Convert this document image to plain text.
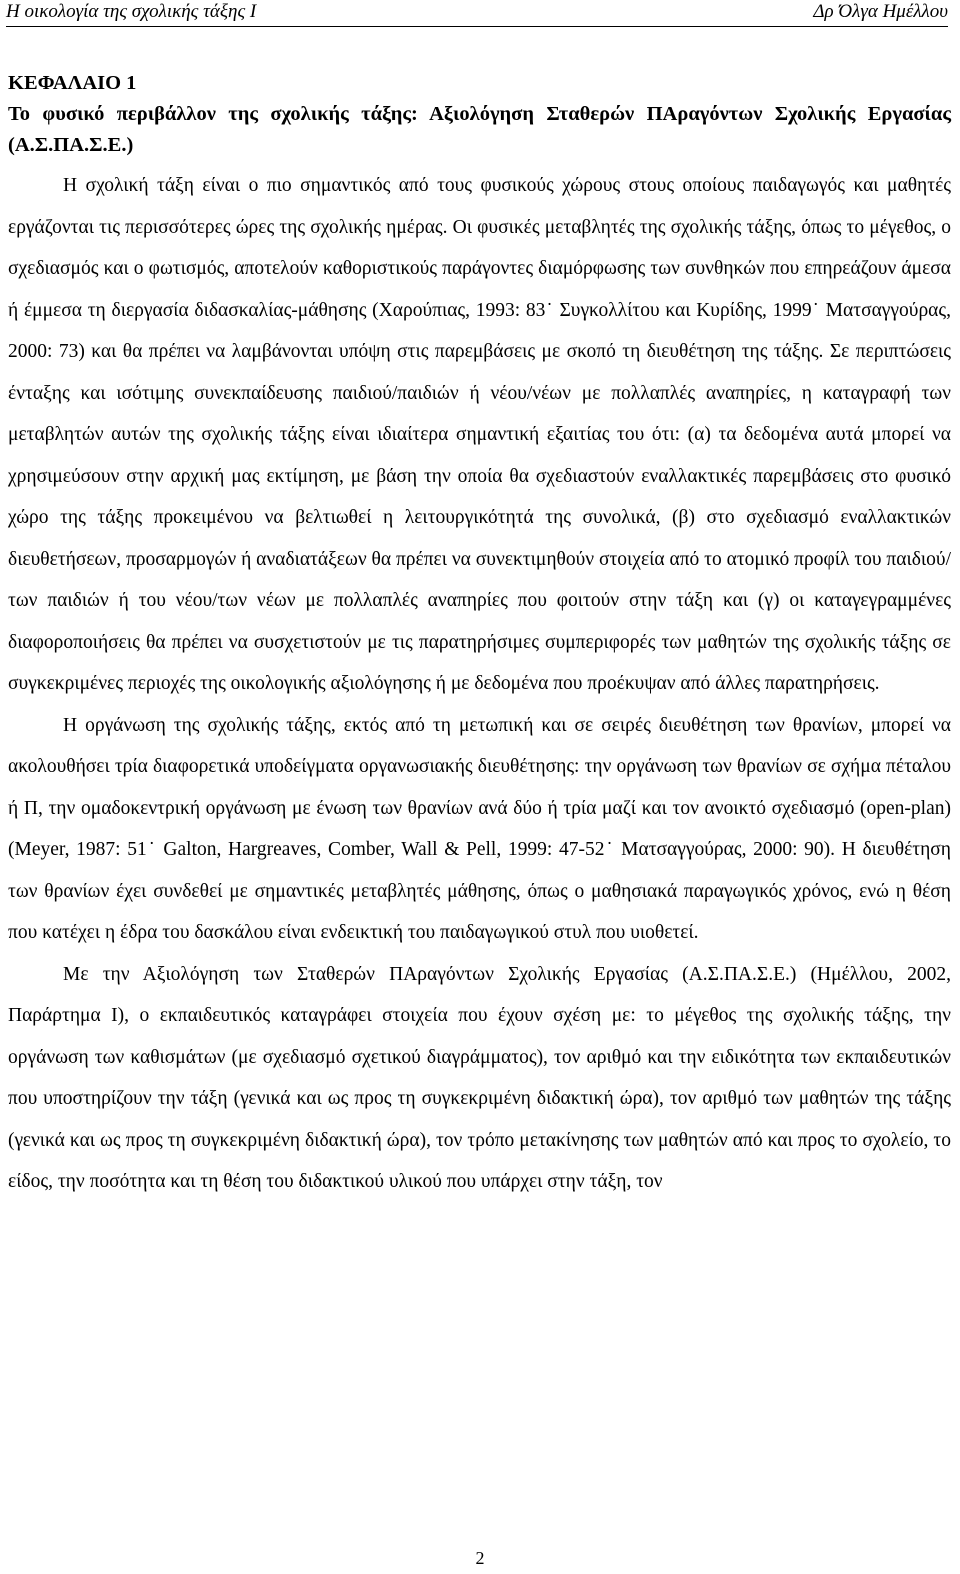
Η οικολογία της σχολικής τάξης Ι	Δρ Όλγα Ημέλλου

ΚΕΦΑΛΑΙΟ 1

Το φυσικό περιβάλλον της σχολικής τάξης: Αξιολόγηση Σταθερών ΠΑραγόντων Σχολικής Εργασίας (Α.Σ.ΠΑ.Σ.Ε.)

Η σχολική τάξη είναι ο πιο σημαντικός από τους φυσικούς χώρους στους οποίους παιδαγωγός και μαθητές εργάζονται τις περισσότερες ώρες της σχολικής ημέρας. Οι φυσικές μεταβλητές της σχολικής τάξης, όπως το μέγεθος, ο σχεδιασμός και ο φωτισμός, αποτελούν καθοριστικούς παράγοντες διαμόρφωσης των συνθηκών που επηρεάζουν άμεσα ή έμμεσα τη διεργασία διδασκαλίας-μάθησης (Χαρούπιας, 1993: 83˙ Συγκολλίτου και Κυρίδης, 1999˙ Ματσαγγούρας, 2000: 73) και θα πρέπει να λαμβάνονται υπόψη στις παρεμβάσεις με σκοπό τη διευθέτηση της τάξης. Σε περιπτώσεις ένταξης και ισότιμης συνεκπαίδευσης παιδιού/παιδιών ή νέου/νέων με πολλαπλές αναπηρίες, η καταγραφή των μεταβλητών αυτών της σχολικής τάξης είναι ιδιαίτερα σημαντική εξαιτίας του ότι: (α) τα δεδομένα αυτά μπορεί να χρησιμεύσουν στην αρχική μας εκτίμηση, με βάση την οποία θα σχεδιαστούν εναλλακτικές παρεμβάσεις στο φυσικό χώρο της τάξης προκειμένου να βελτιωθεί η λειτουργικότητά της συνολικά, (β) στο σχεδιασμό εναλλακτικών διευθετήσεων, προσαρμογών ή αναδιατάξεων θα πρέπει να συνεκτιμηθούν στοιχεία από το ατομικό προφίλ του παιδιού/των παιδιών ή του νέου/των νέων με πολλαπλές αναπηρίες που φοιτούν στην τάξη και (γ) οι καταγεγραμμένες διαφοροποιήσεις θα πρέπει να συσχετιστούν με τις παρατηρήσιμες συμπεριφορές των μαθητών της σχολικής τάξης σε συγκεκριμένες περιοχές της οικολογικής αξιολόγησης ή με δεδομένα που προέκυψαν από άλλες παρατηρήσεις.

Η οργάνωση της σχολικής τάξης, εκτός από τη μετωπική και σε σειρές διευθέτηση των θρανίων, μπορεί να ακολουθήσει τρία διαφορετικά υποδείγματα οργανωσιακής διευθέτησης: την οργάνωση των θρανίων σε σχήμα πέταλου ή Π, την ομαδοκεντρική οργάνωση με ένωση των θρανίων ανά δύο ή τρία μαζί και τον ανοικτό σχεδιασμό (open-plan) (Meyer, 1987: 51˙ Galton, Hargreaves, Comber, Wall & Pell, 1999: 47-52˙ Ματσαγγούρας, 2000: 90). Η διευθέτηση των θρανίων έχει συνδεθεί με σημαντικές μεταβλητές μάθησης, όπως ο μαθησιακά παραγωγικός χρόνος, ενώ η θέση που κατέχει η έδρα του δασκάλου είναι ενδεικτική του παιδαγωγικού στυλ που υιοθετεί.

Με την Αξιολόγηση των Σταθερών ΠΑραγόντων Σχολικής Εργασίας (Α.Σ.ΠΑ.Σ.Ε.) (Ημέλλου, 2002, Παράρτημα Ι), ο εκπαιδευτικός καταγράφει στοιχεία που έχουν σχέση με: το μέγεθος της σχολικής τάξης, την οργάνωση των καθισμάτων (με σχεδιασμό σχετικού διαγράμματος), τον αριθμό και την ειδικότητα των εκπαιδευτικών που υποστηρίζουν την τάξη (γενικά και ως προς τη συγκεκριμένη διδακτική ώρα), τον αριθμό των μαθητών της τάξης (γενικά και ως προς τη συγκεκριμένη διδακτική ώρα), τον τρόπο μετακίνησης των μαθητών από και προς το σχολείο, το είδος, την ποσότητα και τη θέση του διδακτικού υλικού που υπάρχει στην τάξη, τον

2
